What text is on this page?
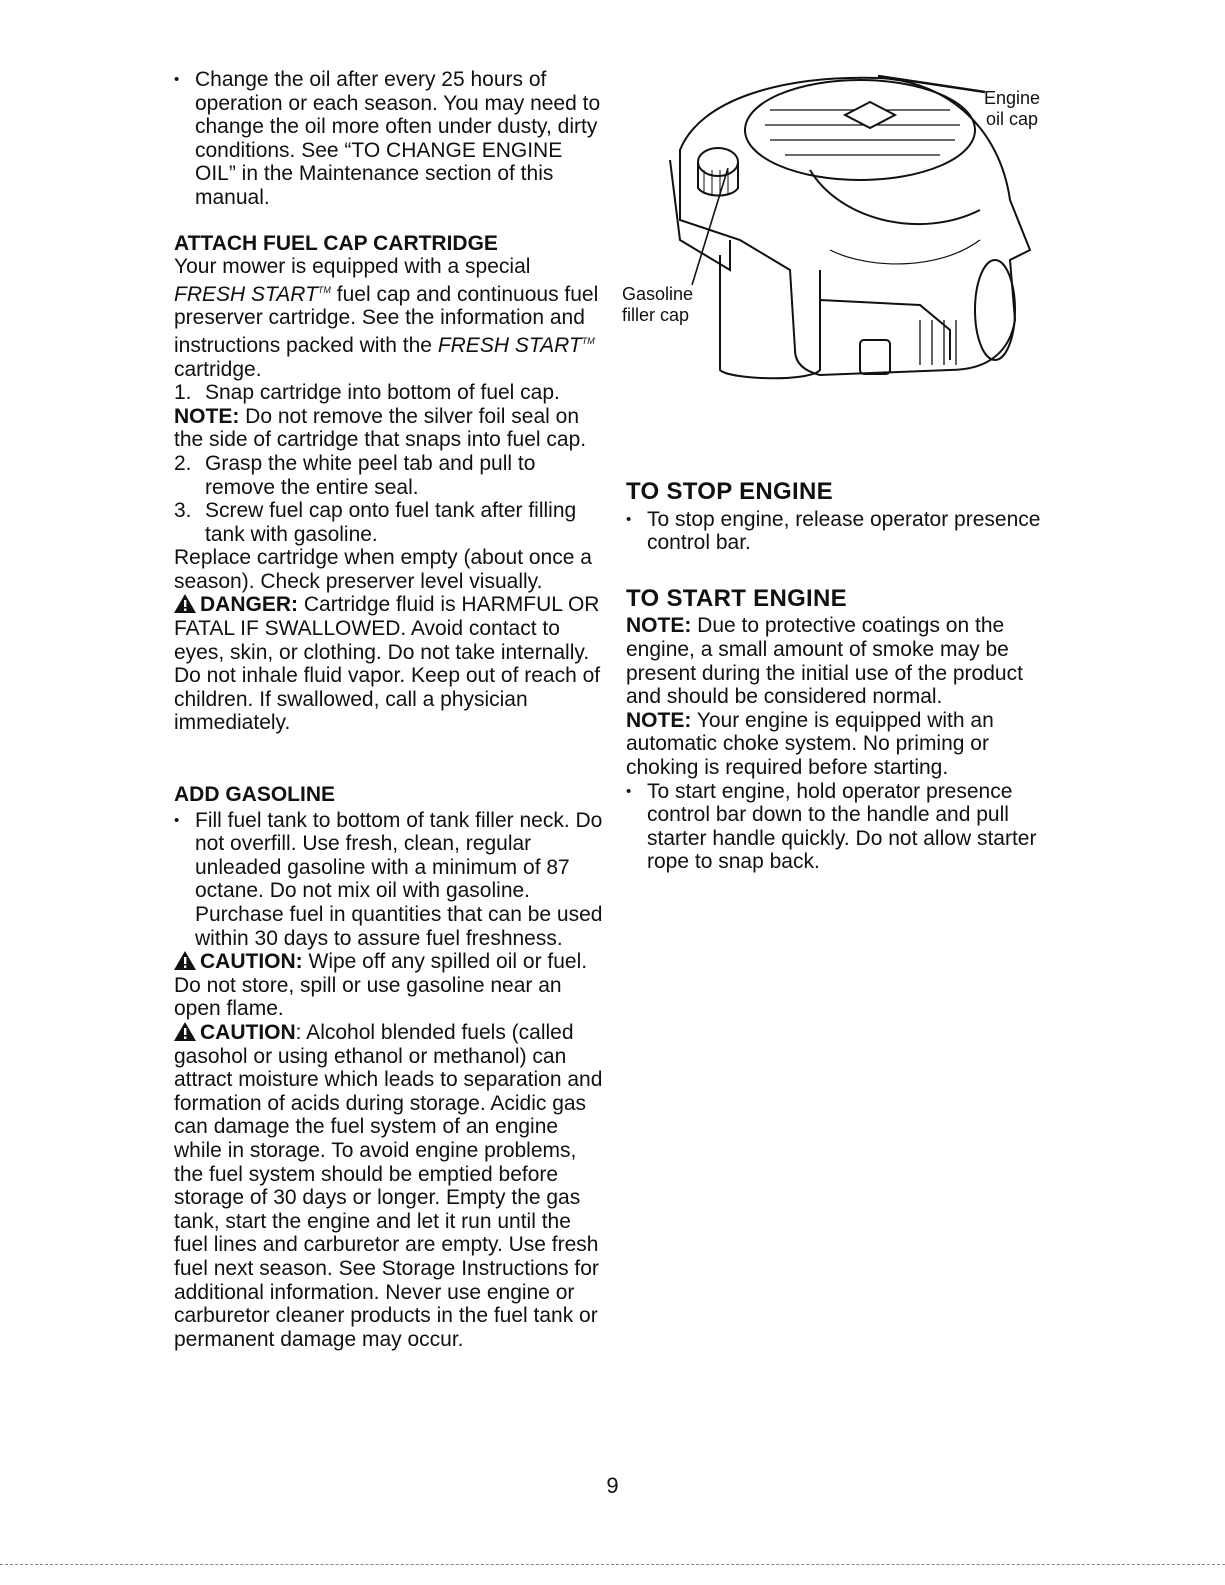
• Change the oil after every 25 hours of operation or each season. You may need to change the oil more often under dusty, dirty conditions. See “TO CHANGE ENGINE OIL” in the Maintenance section of this manual.

ATTACH FUEL CAP CARTRIDGE

Your mower is equipped with a special FRESH START™ fuel cap and continuous fuel preserver cartridge. See the information and instructions packed with the FRESH START™ cartridge.

1. Snap cartridge into bottom of fuel cap.

NOTE: Do not remove the silver foil seal on the side of cartridge that snaps into fuel cap.

2. Grasp the white peel tab and pull to remove the entire seal.

3. Screw fuel cap onto fuel tank after filling tank with gasoline.

Replace cartridge when empty (about once a season). Check preserver level visually.

DANGER: Cartridge fluid is HARMFUL OR FATAL IF SWALLOWED. Avoid contact to eyes, skin, or clothing. Do not take internally. Do not inhale fluid vapor. Keep out of reach of children. If swallowed, call a physician immediately.

ADD GASOLINE

• Fill fuel tank to bottom of tank filler neck. Do not overfill. Use fresh, clean, regular unleaded gasoline with a minimum of 87 octane. Do not mix oil with gasoline. Purchase fuel in quantities that can be used within 30 days to assure fuel freshness.

CAUTION: Wipe off any spilled oil or fuel. Do not store, spill or use gasoline near an open flame.

CAUTION: Alcohol blended fuels (called gasohol or using ethanol or methanol) can attract moisture which leads to separation and formation of acids during storage. Acidic gas can damage the fuel system of an engine while in storage. To avoid engine problems, the fuel system should be emptied before storage of 30 days or longer. Empty the gas tank, start the engine and let it run until the fuel lines and carburetor are empty. Use fresh fuel next season. See Storage Instructions for additional information. Never use engine or carburetor cleaner products in the fuel tank or permanent damage may occur.

Engine
oil cap
Gasoline
filler cap

TO STOP ENGINE

• To stop engine, release operator presence control bar.

TO START ENGINE

NOTE: Due to protective coatings on the engine, a small amount of smoke may be present during the initial use of the product and should be considered normal.

NOTE: Your engine is equipped with an automatic choke system. No priming or choking is required before starting.

• To start engine, hold operator presence control bar down to the handle and pull starter handle quickly. Do not allow starter rope to snap back.

9
